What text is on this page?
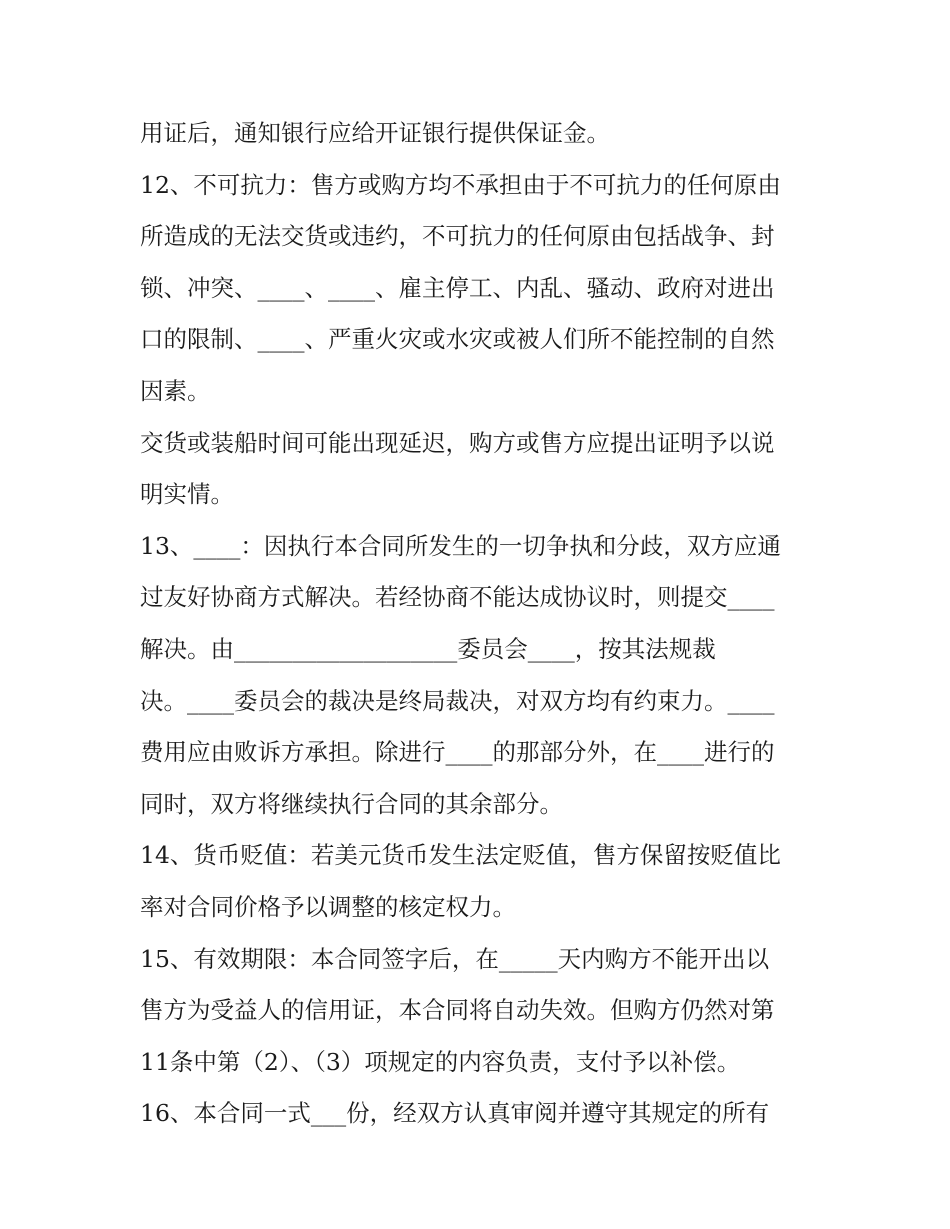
用证后，通知银行应给开证银行提供保证金。
12、不可抗力：售方或购方均不承担由于不可抗力的任何原由
所造成的无法交货或违约，不可抗力的任何原由包括战争、封
锁、冲突、____、____、雇主停工、内乱、骚动、政府对进出
口的限制、____、严重火灾或水灾或被人们所不能控制的自然
因素。
交货或装船时间可能出现延迟，购方或售方应提出证明予以说
明实情。
13、____：因执行本合同所发生的一切争执和分歧，双方应通
过友好协商方式解决。若经协商不能达成协议时，则提交____
解决。由___________________委员会____，按其法规裁
决。____委员会的裁决是终局裁决，对双方均有约束力。____
费用应由败诉方承担。除进行____的那部分外，在____进行的
同时，双方将继续执行合同的其余部分。
14、货币贬值：若美元货币发生法定贬值，售方保留按贬值比
率对合同价格予以调整的核定权力。
15、有效期限：本合同签字后，在_____天内购方不能开出以
售方为受益人的信用证，本合同将自动失效。但购方仍然对第
11条中第（2）、（3）项规定的内容负责，支付予以补偿。
16、本合同一式___份，经双方认真审阅并遵守其规定的所有
